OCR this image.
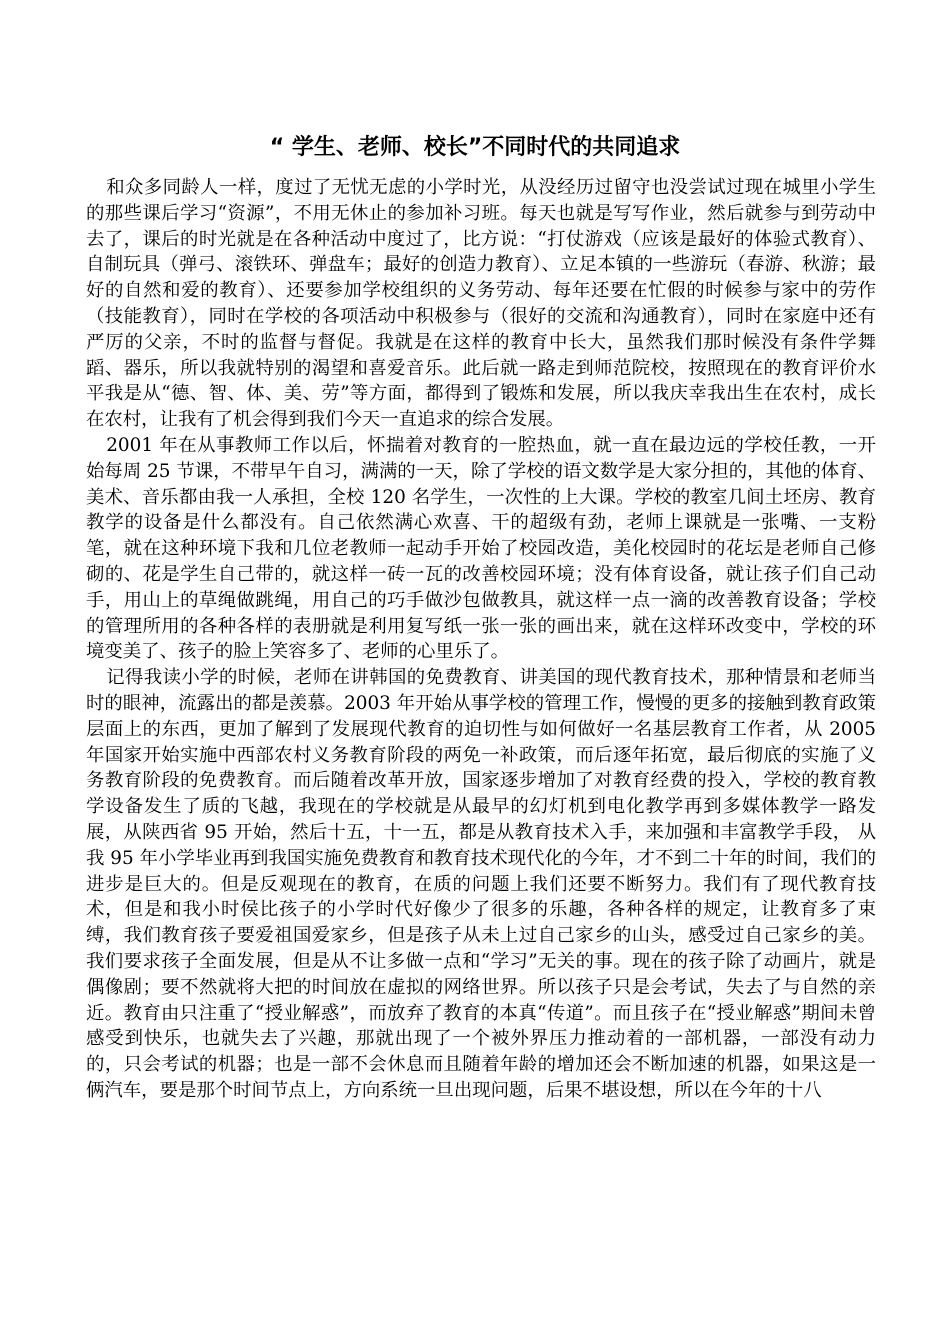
“ 学生、老师、校长”不同时代的共同追求

和众多同龄人一样，度过了无忧无虑的小学时光，从没经历过留守也没尝试过现在城里小学生的那些课后学习“资源”，不用无休止的参加补习班。每天也就是写写作业，然后就参与到劳动中去了，课后的时光就是在各种活动中度过了，比方说：“打仗游戏（应该是最好的体验式教育）、自制玩具（弹弓、滚铁环、弹盘车；最好的创造力教育）、立足本镇的一些游玩（春游、秋游；最好的自然和爱的教育）、还要参加学校组织的义务劳动、每年还要在忙假的时候参与家中的劳作（技能教育），同时在学校的各项活动中积极参与（很好的交流和沟通教育），同时在家庭中还有严厉的父亲，不时的监督与督促。我就是在这样的教育中长大，虽然我们那时候没有条件学舞蹈、器乐，所以我就特别的渴望和喜爱音乐。此后就一路走到师范院校，按照现在的教育评价水平我是从“德、智、体、美、劳”等方面，都得到了锻炼和发展，所以我庆幸我出生在农村，成长在农村，让我有了机会得到我们今天一直追求的综合发展。

2001 年在从事教师工作以后，怀揣着对教育的一腔热血，就一直在最边远的学校任教，一开始每周 25 节课，不带早午自习，满满的一天，除了学校的语文数学是大家分担的，其他的体育、美术、音乐都由我一人承担，全校 120 名学生，一次性的上大课。学校的教室几间土坯房、教育教学的设备是什么都没有。自己依然满心欢喜、干的超级有劲，老师上课就是一张嘴、一支粉笔，就在这种环境下我和几位老教师一起动手开始了校园改造，美化校园时的花坛是老师自己修砌的、花是学生自己带的，就这样一砖一瓦的改善校园环境；没有体育设备，就让孩子们自己动手，用山上的草绳做跳绳，用自己的巧手做沙包做教具，就这样一点一滴的改善教育设备；学校的管理所用的各种各样的表册就是利用复写纸一张一张的画出来，就在这样环改变中，学校的环境变美了、孩子的脸上笑容多了、老师的心里乐了。

记得我读小学的时候，老师在讲韩国的免费教育、讲美国的现代教育技术，那种情景和老师当时的眼神，流露出的都是羡慕。2003 年开始从事学校的管理工作，慢慢的更多的接触到教育政策层面上的东西，更加了解到了发展现代教育的迫切性与如何做好一名基层教育工作者，从 2005 年国家开始实施中西部农村义务教育阶段的两免一补政策，而后逐年拓宽，最后彻底的实施了义务教育阶段的免费教育。而后随着改革开放，国家逐步增加了对教育经费的投入，学校的教育教学设备发生了质的飞越，我现在的学校就是从最早的幻灯机到电化教学再到多媒体教学一路发展，从陕西省 95 开始，然后十五，十一五，都是从教育技术入手，来加强和丰富教学手段， 从我 95 年小学毕业再到我国实施免费教育和教育技术现代化的今年，才不到二十年的时间，我们的进步是巨大的。但是反观现在的教育，在质的问题上我们还要不断努力。我们有了现代教育技术，但是和我小时侯比孩子的小学时代好像少了很多的乐趣，各种各样的规定，让教育多了束缚，我们教育孩子要爱祖国爱家乡，但是孩子从未上过自己家乡的山头，感受过自己家乡的美。我们要求孩子全面发展，但是从不让多做一点和“学习”无关的事。现在的孩子除了动画片，就是偶像剧；要不然就将大把的时间放在虚拟的网络世界。所以孩子只是会考试，失去了与自然的亲近。教育由只注重了“授业解惑”，而放弃了教育的本真“传道”。而且孩子在“授业解惑”期间未曾感受到快乐，也就失去了兴趣，那就出现了一个被外界压力推动着的一部机器，一部没有动力的，只会考试的机器；也是一部不会休息而且随着年龄的增加还会不断加速的机器，如果这是一俩汽车，要是那个时间节点上，方向系统一旦出现问题，后果不堪设想，所以在今年的十八
